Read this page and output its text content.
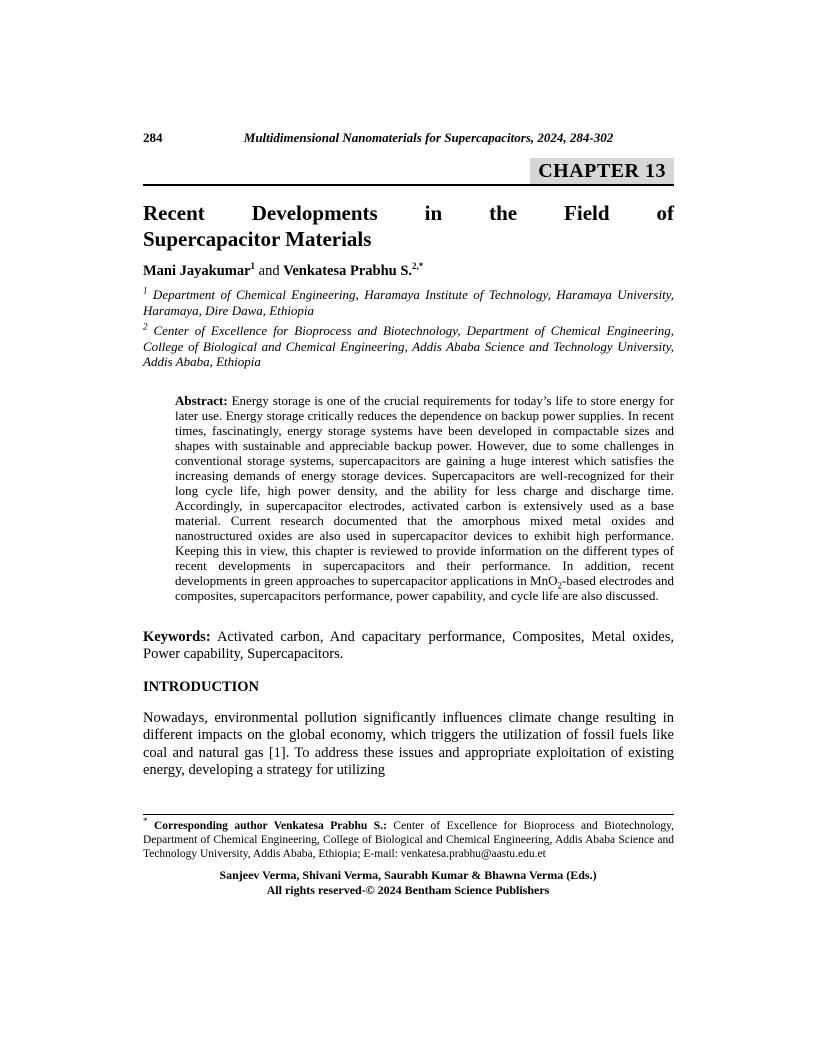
284	Multidimensional Nanomaterials for Supercapacitors, 2024, 284-302
CHAPTER 13
Recent Developments in the Field of
Supercapacitor Materials
Mani Jayakumar$^1$ and Venkatesa Prabhu S.$^{2,*}$
$^1$ Department of Chemical Engineering, Haramaya Institute of Technology, Haramaya University, Haramaya, Dire Dawa, Ethiopia
$^2$ Center of Excellence for Bioprocess and Biotechnology, Department of Chemical Engineering, College of Biological and Chemical Engineering, Addis Ababa Science and Technology University, Addis Ababa, Ethiopia
Abstract: Energy storage is one of the crucial requirements for today’s life to store energy for later use. Energy storage critically reduces the dependence on backup power supplies. In recent times, fascinatingly, energy storage systems have been developed in compactable sizes and shapes with sustainable and appreciable backup power. However, due to some challenges in conventional storage systems, supercapacitors are gaining a huge interest which satisfies the increasing demands of energy storage devices. Supercapacitors are well-recognized for their long cycle life, high power density, and the ability for less charge and discharge time. Accordingly, in supercapacitor electrodes, activated carbon is extensively used as a base material. Current research documented that the amorphous mixed metal oxides and nanostructured oxides are also used in supercapacitor devices to exhibit high performance. Keeping this in view, this chapter is reviewed to provide information on the different types of recent developments in supercapacitors and their performance. In addition, recent developments in green approaches to supercapacitor applications in MnO$_2$-based electrodes and composites, supercapacitors performance, power capability, and cycle life are also discussed.
Keywords: Activated carbon, And capacitary performance, Composites, Metal oxides, Power capability, Supercapacitors.
INTRODUCTION
Nowadays, environmental pollution significantly influences climate change resulting in different impacts on the global economy, which triggers the utilization of fossil fuels like coal and natural gas [1]. To address these issues and appropriate exploitation of existing energy, developing a strategy for utilizing
* Corresponding author Venkatesa Prabhu S.: Center of Excellence for Bioprocess and Biotechnology, Department of Chemical Engineering, College of Biological and Chemical Engineering, Addis Ababa Science and Technology University, Addis Ababa, Ethiopia; E-mail: venkatesa.prabhu@aastu.edu.et
Sanjeev Verma, Shivani Verma, Saurabh Kumar & Bhawna Verma (Eds.)
All rights reserved-© 2024 Bentham Science Publishers
